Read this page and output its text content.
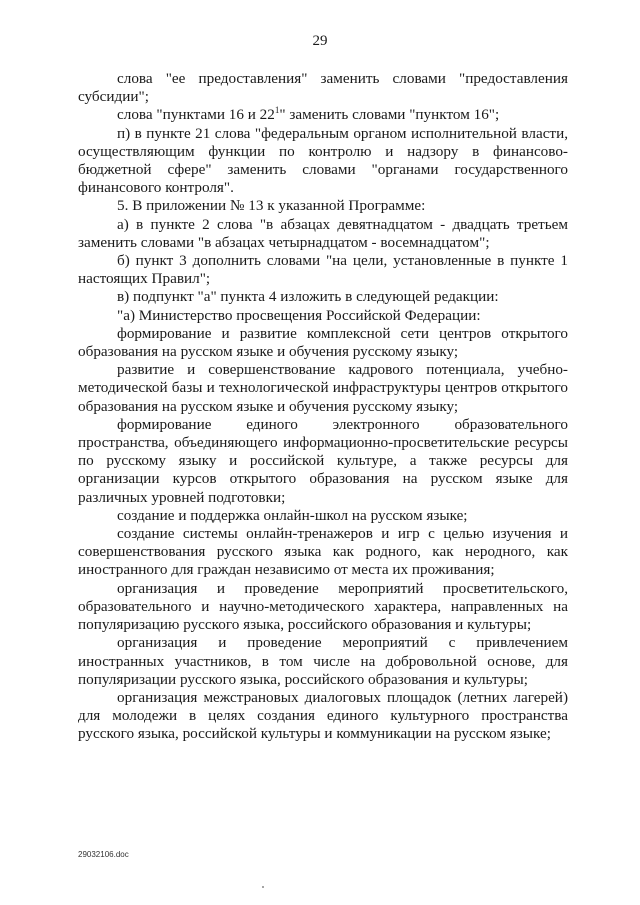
29

слова "ее предоставления" заменить словами "предоставления субсидии";

слова "пунктами 16 и $22^1$" заменить словами "пунктом 16";

п) в пункте 21 слова "федеральным органом исполнительной власти, осуществляющим функции по контролю и надзору в финансово-бюджетной сфере" заменить словами "органами государственного финансового контроля".

5. В приложении № 13 к указанной Программе:

а) в пункте 2 слова "в абзацах девятнадцатом - двадцать третьем заменить словами "в абзацах четырнадцатом - восемнадцатом";

б) пункт 3 дополнить словами "на цели, установленные в пункте 1 настоящих Правил";

в) подпункт "а" пункта 4 изложить в следующей редакции:

"а) Министерство просвещения Российской Федерации:

формирование и развитие комплексной сети центров открытого образования на русском языке и обучения русскому языку;

развитие и совершенствование кадрового потенциала, учебно-методической базы и технологической инфраструктуры центров открытого образования на русском языке и обучения русскому языку;

формирование единого электронного образовательного пространства, объединяющего информационно-просветительские ресурсы по русскому языку и российской культуре, а также ресурсы для организации курсов открытого образования на русском языке для различных уровней подготовки;

создание и поддержка онлайн-школ на русском языке;

создание системы онлайн-тренажеров и игр с целью изучения и совершенствования русского языка как родного, как неродного, как иностранного для граждан независимо от места их проживания;

организация и проведение мероприятий просветительского, образовательного и научно-методического характера, направленных на популяризацию русского языка, российского образования и культуры;

организация и проведение мероприятий с привлечением иностранных участников, в том числе на добровольной основе, для популяризации русского языка, российского образования и культуры;

организация межстрановых диалоговых площадок (летних лагерей) для молодежи в целях создания единого культурного пространства русского языка, российской культуры и коммуникации на русском языке;

29032106.doc
